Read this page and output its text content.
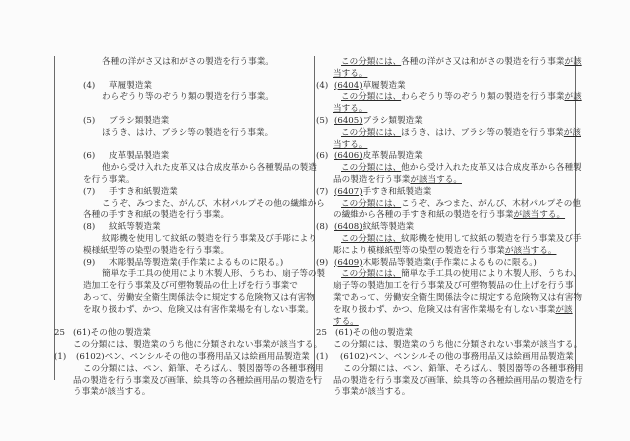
各種の洋がさ又は和がさの製造を行う事業。
(4) 草履製造業
わらぞうり等のぞうり類の製造を行う事業。
(5) ブラシ類製造業
ほうき、はけ、ブラシ等の製造を行う事業。
(6) 皮革製品製造業
他から受け入れた皮革又は合成皮革から各種製品の製造
を行う事業。
(7) 手すき和紙製造業
こうぞ、みつまた、がんぴ、木材パルプその他の繊維から
各種の手すき和紙の製造を行う事業。
(8) 紋紙等製造業
紋彫機を使用して紋紙の製造を行う事業及び手彫により
模様紙型等の染型の製造を行う事業。
(9) 木彫製品等製造業(手作業によるものに限る。)
簡単な手工具の使用により木製人形、うちわ、扇子等の製
造加工を行う事業及び可塑物製品の仕上げを行う事業で
あって、労働安全衛生関係法令に規定する危険物又は有害物
を取り扱わず、かつ、危険又は有害作業場を有しない事業。
25 (61)その他の製造業
この分類には、製造業のうち他に分類されない事業が該当する。
(1) (6102)ペン、ペンシルその他の事務用品又は絵画用品製造業
この分類には、ペン、鉛筆、そろばん、製図器等の各種事務用
品の製造を行う事業及び画筆、絵具等の各種絵画用品の製造を行
う事業が該当する。
この分類には、各種の洋がさ又は和がさの製造を行う事業が該
当する。
(4) (6404)草履製造業
この分類には、わらぞうり等のぞうり類の製造を行う事業が該
当する。
(5) (6405)ブラシ類製造業
この分類には、ほうき、はけ、ブラシ等の製造を行う事業が該
当する。
(6) (6406)皮革製品製造業
この分類には、他から受け入れた皮革又は合成皮革から各種製
品の製造を行う事業が該当する。
(7) (6407)手すき和紙製造業
この分類には、こうぞ、みつまた、がんぴ、木材パルプその他
の繊維から各種の手すき和紙の製造を行う事業が該当する。
(8) (6408)紋紙等製造業
この分類には、紋彫機を使用して紋紙の製造を行う事業及び手
彫により模様紙型等の染型の製造を行う事業が該当する。
(9) (6409)木彫製品等製造業(手作業によるものに限る。)
この分類には、簡単な手工具の使用により木製人形、うちわ、
扇子等の製造加工を行う事業及び可塑物製品の仕上げを行う事
業であって、労働安全衛生関係法令に規定する危険物又は有害物
を取り扱わず、かつ、危険又は有害作業場を有しない事業が該
する。
25 (61)その他の製造業
この分類には、製造業のうち他に分類されない事業が該当する。
(1) (6102)ペン、ペンシルその他の事務用品又は絵画用品製造業
この分類には、ペン、鉛筆、そろばん、製図器等の各種事務用
品の製造を行う事業及び画筆、絵具等の各種絵画用品の製造を行
う事業が該当する。
